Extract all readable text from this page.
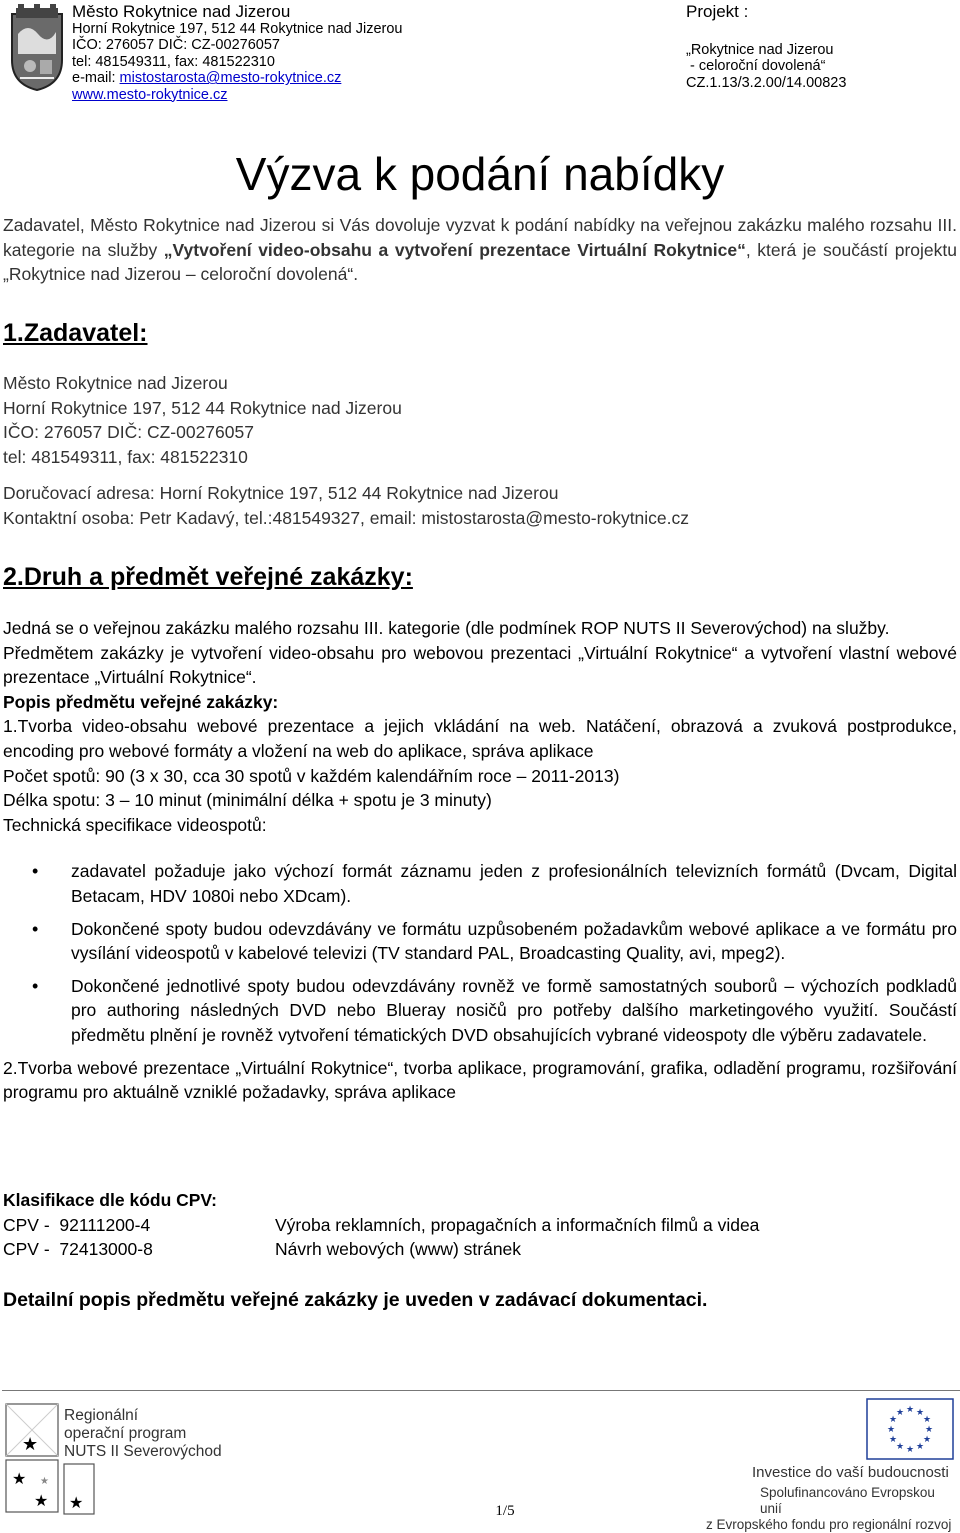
Město Rokytnice nad Jizerou
Horní Rokytnice 197, 512 44 Rokytnice nad Jizerou
IČO: 276057 DIČ: CZ-00276057
tel: 481549311, fax: 481522310
e-mail: mistostarosta@mesto-rokytnice.cz
www.mesto-rokytnice.cz
Projekt :
„Rokytnice nad Jizerou
- celoroční dovolená“
CZ.1.13/3.2.00/14.00823
Výzva k podání nabídky
Zadavatel, Město Rokytnice nad Jizerou si Vás dovoluje vyzvat k podání nabídky na veřejnou zakázku malého rozsahu III. kategorie na služby „Vytvoření video-obsahu a vytvoření prezentace Virtuální Rokytnice“, která je součástí projektu „Rokytnice nad Jizerou – celoroční dovolená“.
1.Zadavatel:
Město Rokytnice nad Jizerou
Horní Rokytnice 197, 512 44 Rokytnice nad Jizerou
IČO: 276057 DIČ: CZ-00276057
tel: 481549311, fax: 481522310
Doručovací adresa: Horní Rokytnice 197, 512 44 Rokytnice nad Jizerou
Kontaktní osoba: Petr Kadavý, tel.:481549327, email: mistostarosta@mesto-rokytnice.cz
2.Druh a předmět veřejné zakázky:
Jedná se o veřejnou zakázku malého rozsahu III. kategorie (dle podmínek ROP NUTS II Severovýchod) na služby.
Předmětem zakázky je vytvoření video-obsahu pro webovou prezentaci „Virtuální Rokytnice“ a vytvoření vlastní webové prezentace „Virtuální Rokytnice“.
Popis předmětu veřejné zakázky:
1.Tvorba video-obsahu webové prezentace a jejich vkládání na web. Natáčení, obrazová a zvuková postprodukce, encoding pro webové formáty a vložení na web do aplikace, správa aplikace
Počet spotů: 90 (3 x 30, cca 30 spotů v každém kalendářním roce – 2011-2013)
Délka spotu: 3 – 10 minut (minimální délka + spotu je 3 minuty)
Technická specifikace videospotů:
• zadavatel požaduje jako výchozí formát záznamu jeden z profesionálních televizních formátů (Dvcam, Digital Betacam, HDV 1080i nebo XDcam).
• Dokončené spoty budou odevzdávány ve formátu uzpůsobeném požadavkům webové aplikace a ve formátu pro vysílání videospotů v kabelové televizi (TV standard PAL, Broadcasting Quality, avi, mpeg2).
• Dokončené jednotlivé spoty budou odevzdávány rovněž ve formě samostatných souborů – výchozích podkladů pro authoring následných DVD nebo Blueray nosičů pro potřeby dalšího marketingového využití. Součástí předmětu plnění je rovněž vytvoření tématických DVD obsahujících vybrané videospoty dle výběru zadavatele.
2.Tvorba webové prezentace „Virtuální Rokytnice“, tvorba aplikace, programování, grafika, odladění programu, rozšiřování programu pro aktuálně vzniklé požadavky, správa aplikace
Klasifikace dle kódu CPV:
CPV -  92111200-4	Výroba reklamních, propagačních a informačních filmů a videa
CPV -  72413000-8	Návrh webových (www) stránek
Detailní popis předmětu veřejné zakázky je uveden v zadávací dokumentaci.
★
★
★
★
★
Regionální
operační program
NUTS II Severovýchod
★ ★
★
★
★
★
★
★
★
★
★
★
Investice do vaší budoucnosti
Spolufinancováno Evropskou unií
z Evropského fondu pro regionální rozvoj
1/5
